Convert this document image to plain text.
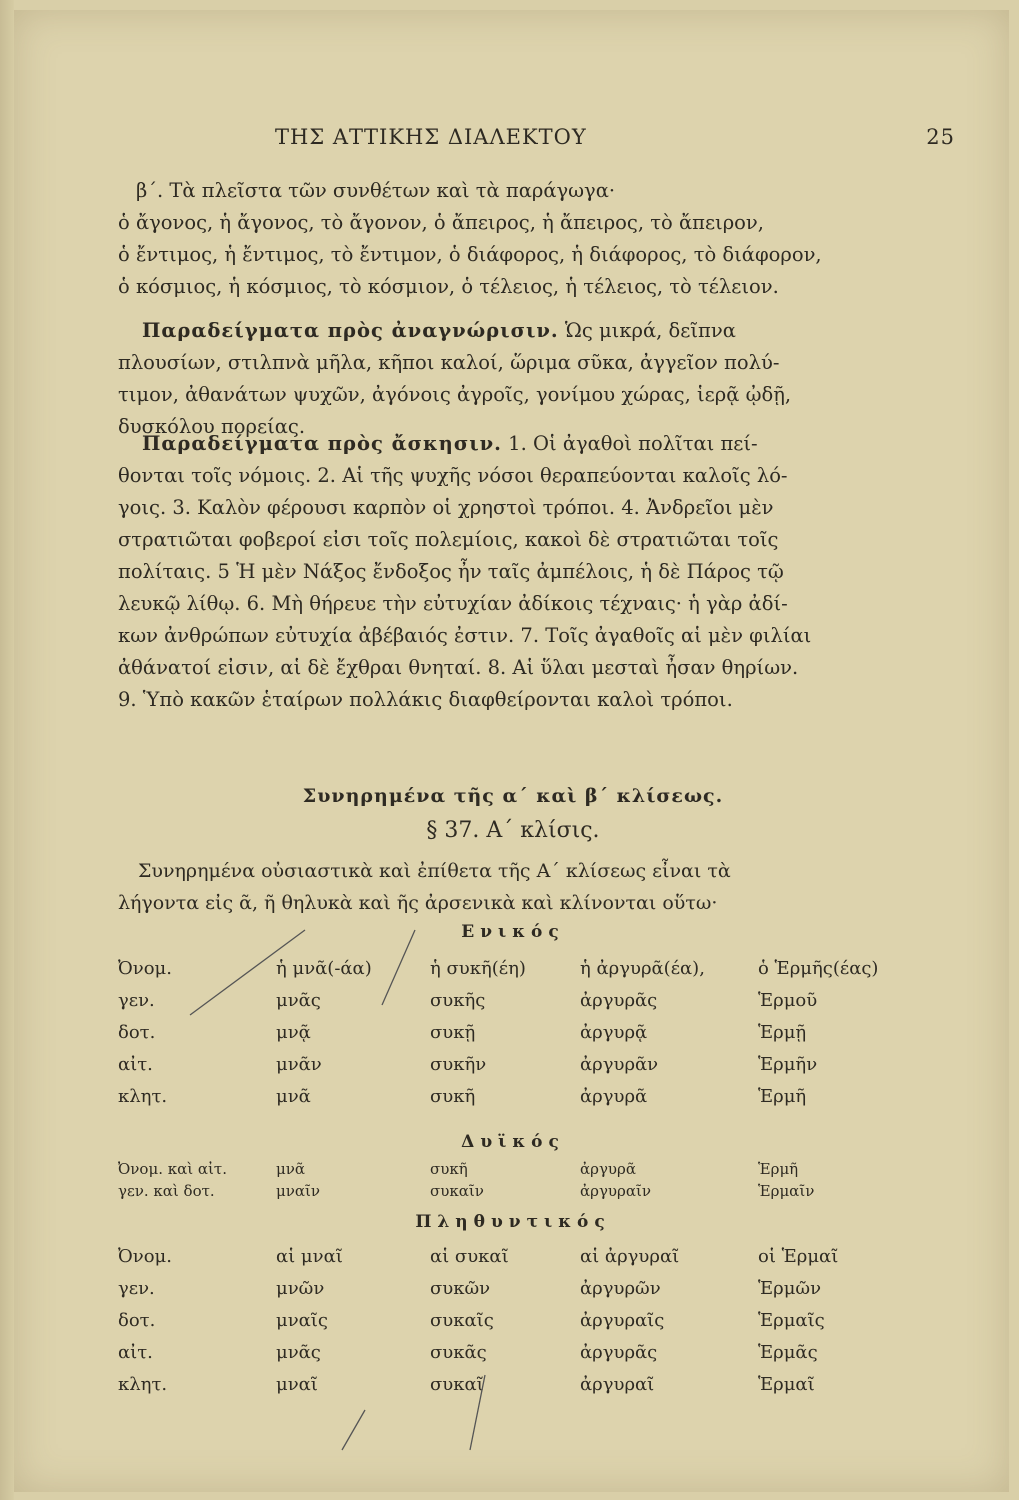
ΤΗΣ ΑΤΤΙΚΗΣ ΔΙΑΛΕΚΤΟΥ	25
β΄. Τὰ πλεῖστα τῶν συνθέτων καὶ τὰ παράγωγα·
ὁ ἄγονος, ἡ ἄγονος, τὸ ἄγονον, ὁ ἄπειρος, ἡ ἄπειρος, τὸ ἄπειρον,
ὁ ἔντιμος, ἡ ἔντιμος, τὸ ἔντιμον, ὁ διάφορος, ἡ διάφορος, τὸ διάφορον,
ὁ κόσμιος, ἡ κόσμιος, τὸ κόσμιον, ὁ τέλειος, ἡ τέλειος, τὸ τέλειον.
Παραδείγματα πρὸς ἀναγνώρισιν. Ὡς μικρά, δεῖπνα
πλουσίων, στιλπνὰ μῆλα, κῆποι καλοί, ὥριμα σῦκα, ἀγγεῖον πολύ-
τιμον, ἀθανάτων ψυχῶν, ἀγόνοις ἀγροῖς, γονίμου χώρας, ἱερᾷ ᾠδῇ,
δυσκόλου πορείας.
Παραδείγματα πρὸς ἄσκησιν. 1. Οἱ ἀγαθοὶ πολῖται πεί-
θονται τοῖς νόμοις. 2. Αἱ τῆς ψυχῆς νόσοι θεραπεύονται καλοῖς λό-
γοις. 3. Καλὸν φέρουσι καρπὸν οἱ χρηστοὶ τρόποι. 4. Ἀνδρεῖοι μὲν
στρατιῶται φοβεροί εἰσι τοῖς πολεμίοις, κακοὶ δὲ στρατιῶται τοῖς
πολίταις. 5 Ἡ μὲν Νάξος ἔνδοξος ἦν ταῖς ἀμπέλοις, ἡ δὲ Πάρος τῷ
λευκῷ λίθῳ. 6. Μὴ θήρευε τὴν εὐτυχίαν ἀδίκοις τέχναις· ἡ γὰρ ἀδί-
κων ἀνθρώπων εὐτυχία ἀβέβαιός ἐστιν. 7. Τοῖς ἀγαθοῖς αἱ μὲν φιλίαι
ἀθάνατοί εἰσιν, αἱ δὲ ἔχθραι θνηταί. 8. Αἱ ὕλαι μεσταὶ ἦσαν θηρίων.
9. Ὑπὸ κακῶν ἑταίρων πολλάκις διαφθείρονται καλοὶ τρόποι.
Συνηρημένα τῆς α΄ καὶ β΄ κλίσεως.
§ 37. Α΄ κλίσις.
Συνηρημένα οὐσιαστικὰ καὶ ἐπίθετα τῆς Α΄ κλίσεως εἶναι τὰ
λήγοντα εἰς ᾶ, ῆ θηλυκὰ καὶ ῆς ἀρσενικὰ καὶ κλίνονται οὕτω·
Ενικός
Ὀνομ.	ἡ μνᾶ(-άα)	ἡ συκῆ(έη)	ἡ ἀργυρᾶ(έα),	ὁ Ἑρμῆς(έας)
γεν.	μνᾶς	συκῆς	ἀργυρᾶς	Ἑρμοῦ
δοτ.	μνᾷ	συκῇ	ἀργυρᾷ	Ἑρμῇ
αἰτ.	μνᾶν	συκῆν	ἀργυρᾶν	Ἑρμῆν
κλητ.	μνᾶ	συκῆ	ἀργυρᾶ	Ἑρμῆ
Δυϊκός
Ὀνομ. καὶ αἰτ.	μνᾶ	συκῆ	ἀργυρᾶ	Ἑρμῆ
γεν. καὶ δοτ.	μναῖν	συκαῖν	ἀργυραῖν	Ἑρμαῖν
Πληθυντικός
Ὀνομ.	αἱ μναῖ	αἱ συκαῖ	αἱ ἀργυραῖ	οἱ Ἑρμαῖ
γεν.	μνῶν	συκῶν	ἀργυρῶν	Ἑρμῶν
δοτ.	μναῖς	συκαῖς	ἀργυραῖς	Ἑρμαῖς
αἰτ.	μνᾶς	συκᾶς	ἀργυρᾶς	Ἑρμᾶς
κλητ.	μναῖ	συκαῖ	ἀργυραῖ	Ἑρμαῖ
